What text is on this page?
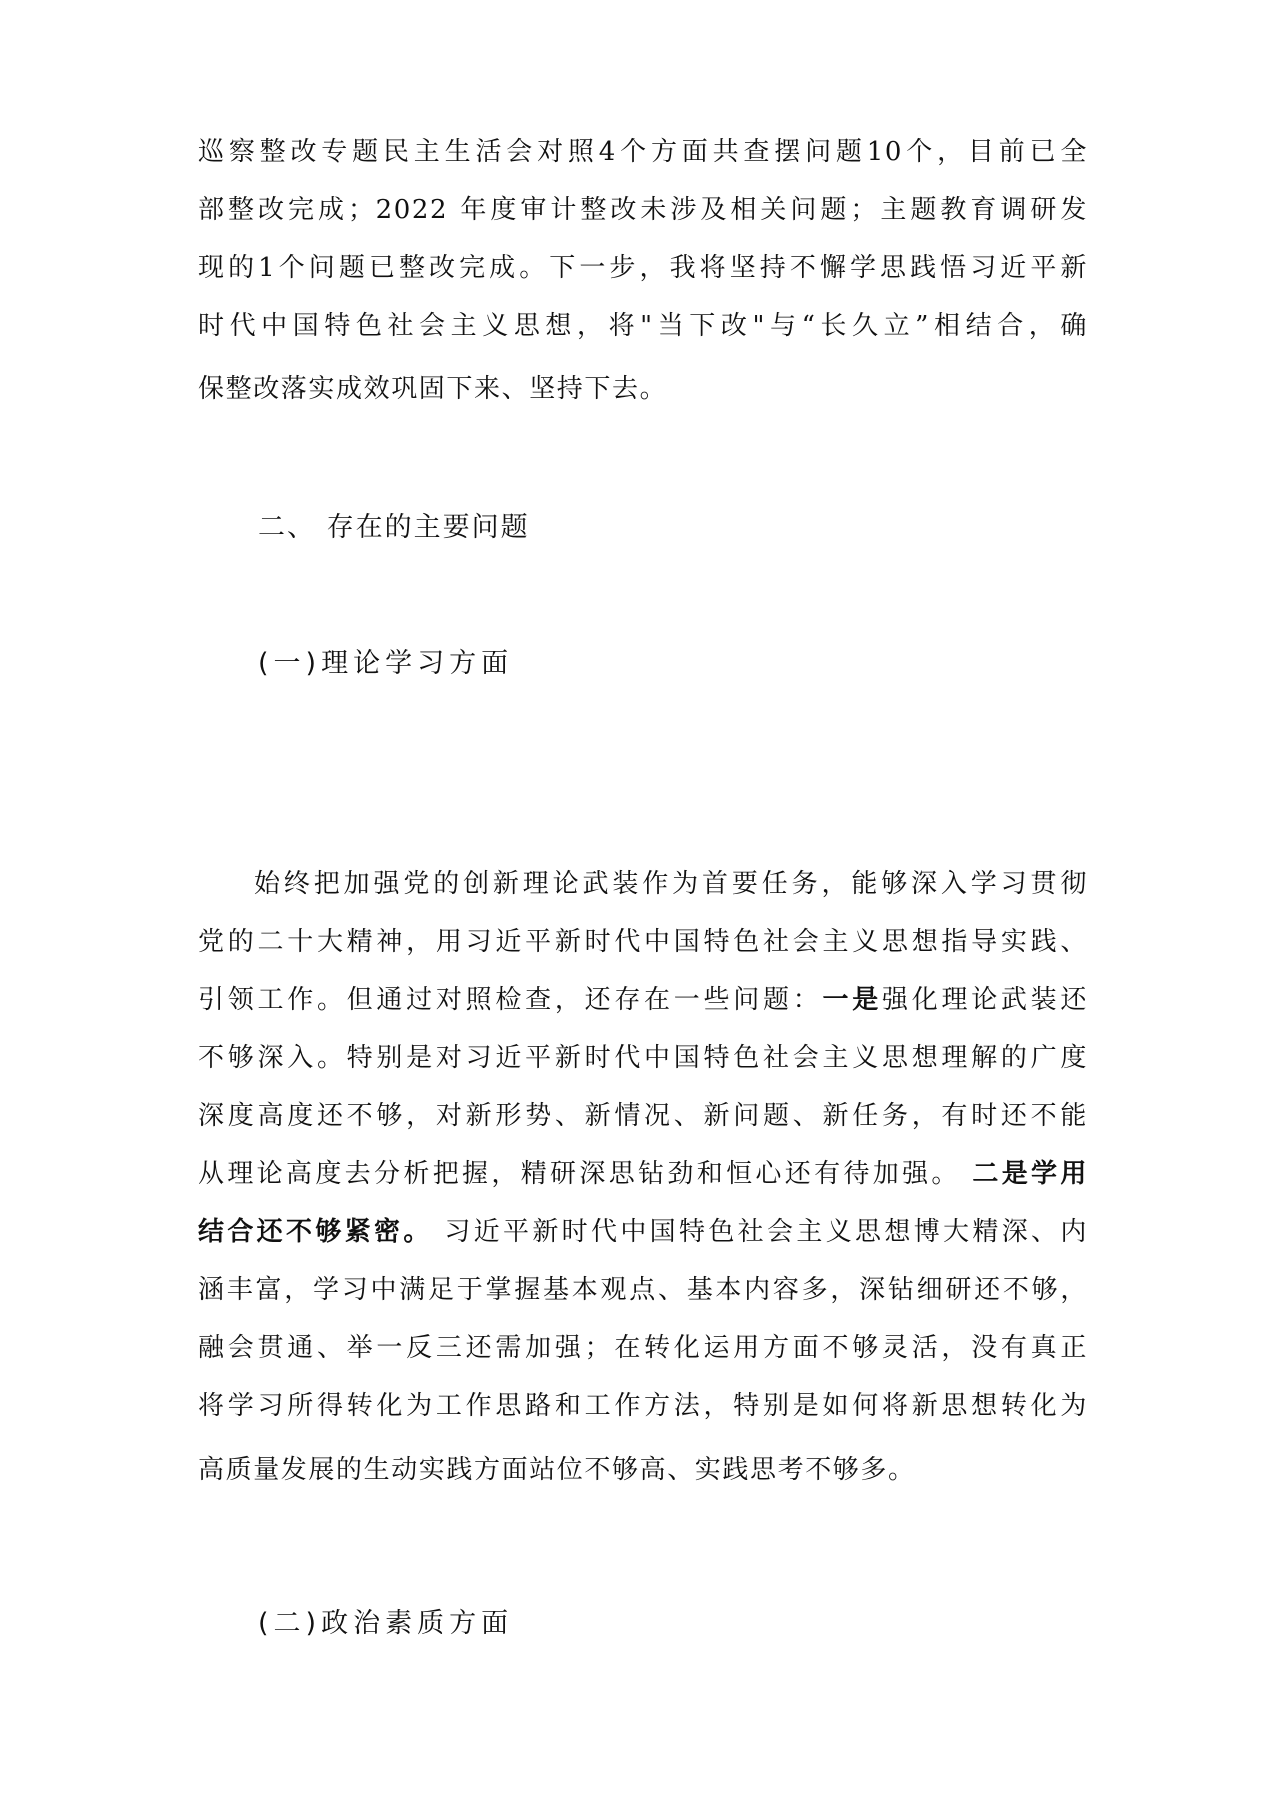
巡察整改专题民主生活会对照4个方面共查摆问题10个，目前已全
部整改完成；2022 年度审计整改未涉及相关问题；主题教育调研发
现的1个问题已整改完成。下一步，我将坚持不懈学思践悟习近平新
时代中国特色社会主义思想，将"当下改"与“长久立”相结合，确
保整改落实成效巩固下来、坚持下去。
二、 存在的主要问题
(一)理论学习方面
始终把加强党的创新理论武装作为首要任务，能够深入学习贯彻
党的二十大精神，用习近平新时代中国特色社会主义思想指导实践、
引领工作。但通过对照检查，还存在一些问题：一是强化理论武装还
不够深入。特别是对习近平新时代中国特色社会主义思想理解的广度
深度高度还不够，对新形势、新情况、新问题、新任务，有时还不能
从理论高度去分析把握，精研深思钻劲和恒心还有待加强。 二是学用
结合还不够紧密。 习近平新时代中国特色社会主义思想博大精深、内
涵丰富，学习中满足于掌握基本观点、基本内容多，深钻细研还不够，
融会贯通、举一反三还需加强；在转化运用方面不够灵活，没有真正
将学习所得转化为工作思路和工作方法，特别是如何将新思想转化为
高质量发展的生动实践方面站位不够高、实践思考不够多。
(二)政治素质方面
